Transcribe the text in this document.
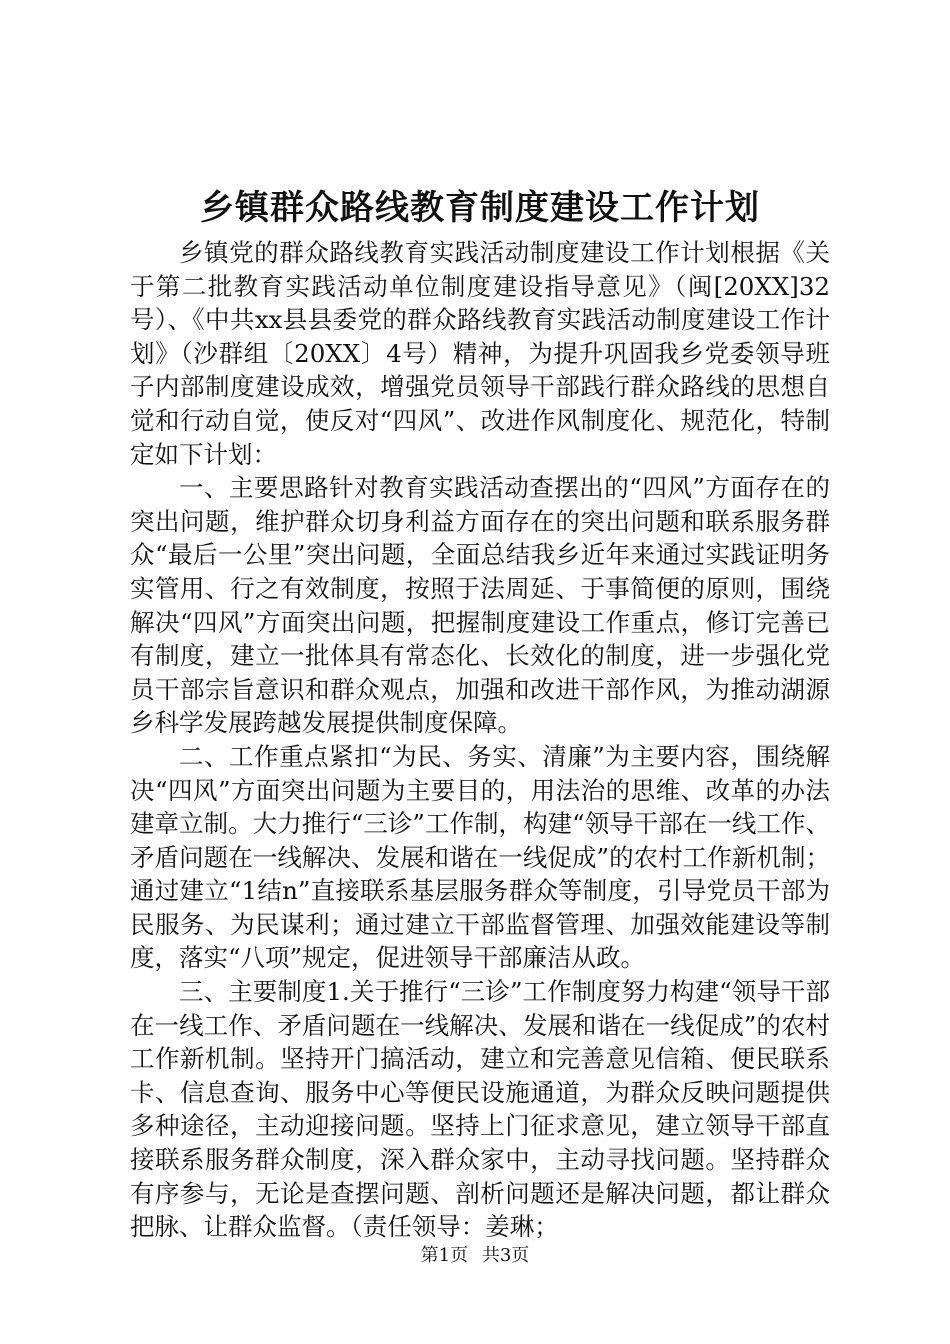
乡镇群众路线教育制度建设工作计划

乡镇党的群众路线教育实践活动制度建设工作计划根据《关于第二批教育实践活动单位制度建设指导意见》（闽[20XX]32号）、《中共xx县县委党的群众路线教育实践活动制度建设工作计划》（沙群组〔20XX〕4号）精神，为提升巩固我乡党委领导班子内部制度建设成效，增强党员领导干部践行群众路线的思想自觉和行动自觉，使反对“四风”、改进作风制度化、规范化，特制定如下计划：

一、主要思路针对教育实践活动查摆出的“四风”方面存在的突出问题，维护群众切身利益方面存在的突出问题和联系服务群众“最后一公里”突出问题，全面总结我乡近年来通过实践证明务实管用、行之有效制度，按照于法周延、于事简便的原则，围绕解决“四风”方面突出问题，把握制度建设工作重点，修订完善已有制度，建立一批体具有常态化、长效化的制度，进一步强化党员干部宗旨意识和群众观点，加强和改进干部作风，为推动湖源乡科学发展跨越发展提供制度保障。

二、工作重点紧扣“为民、务实、清廉”为主要内容，围绕解决“四风”方面突出问题为主要目的，用法治的思维、改革的办法建章立制。大力推行“三诊”工作制，构建“领导干部在一线工作、矛盾问题在一线解决、发展和谐在一线促成”的农村工作新机制；通过建立“1结n”直接联系基层服务群众等制度，引导党员干部为民服务、为民谋利；通过建立干部监督管理、加强效能建设等制度，落实“八项”规定，促进领导干部廉洁从政。

三、主要制度1.关于推行“三诊”工作制度努力构建“领导干部在一线工作、矛盾问题在一线解决、发展和谐在一线促成”的农村工作新机制。坚持开门搞活动，建立和完善意见信箱、便民联系卡、信息查询、服务中心等便民设施通道，为群众反映问题提供多种途径，主动迎接问题。坚持上门征求意见，建立领导干部直接联系服务群众制度，深入群众家中，主动寻找问题。坚持群众有序参与，无论是查摆问题、剖析问题还是解决问题，都让群众把脉、让群众监督。（责任领导：姜琳；

第1页 共3页
